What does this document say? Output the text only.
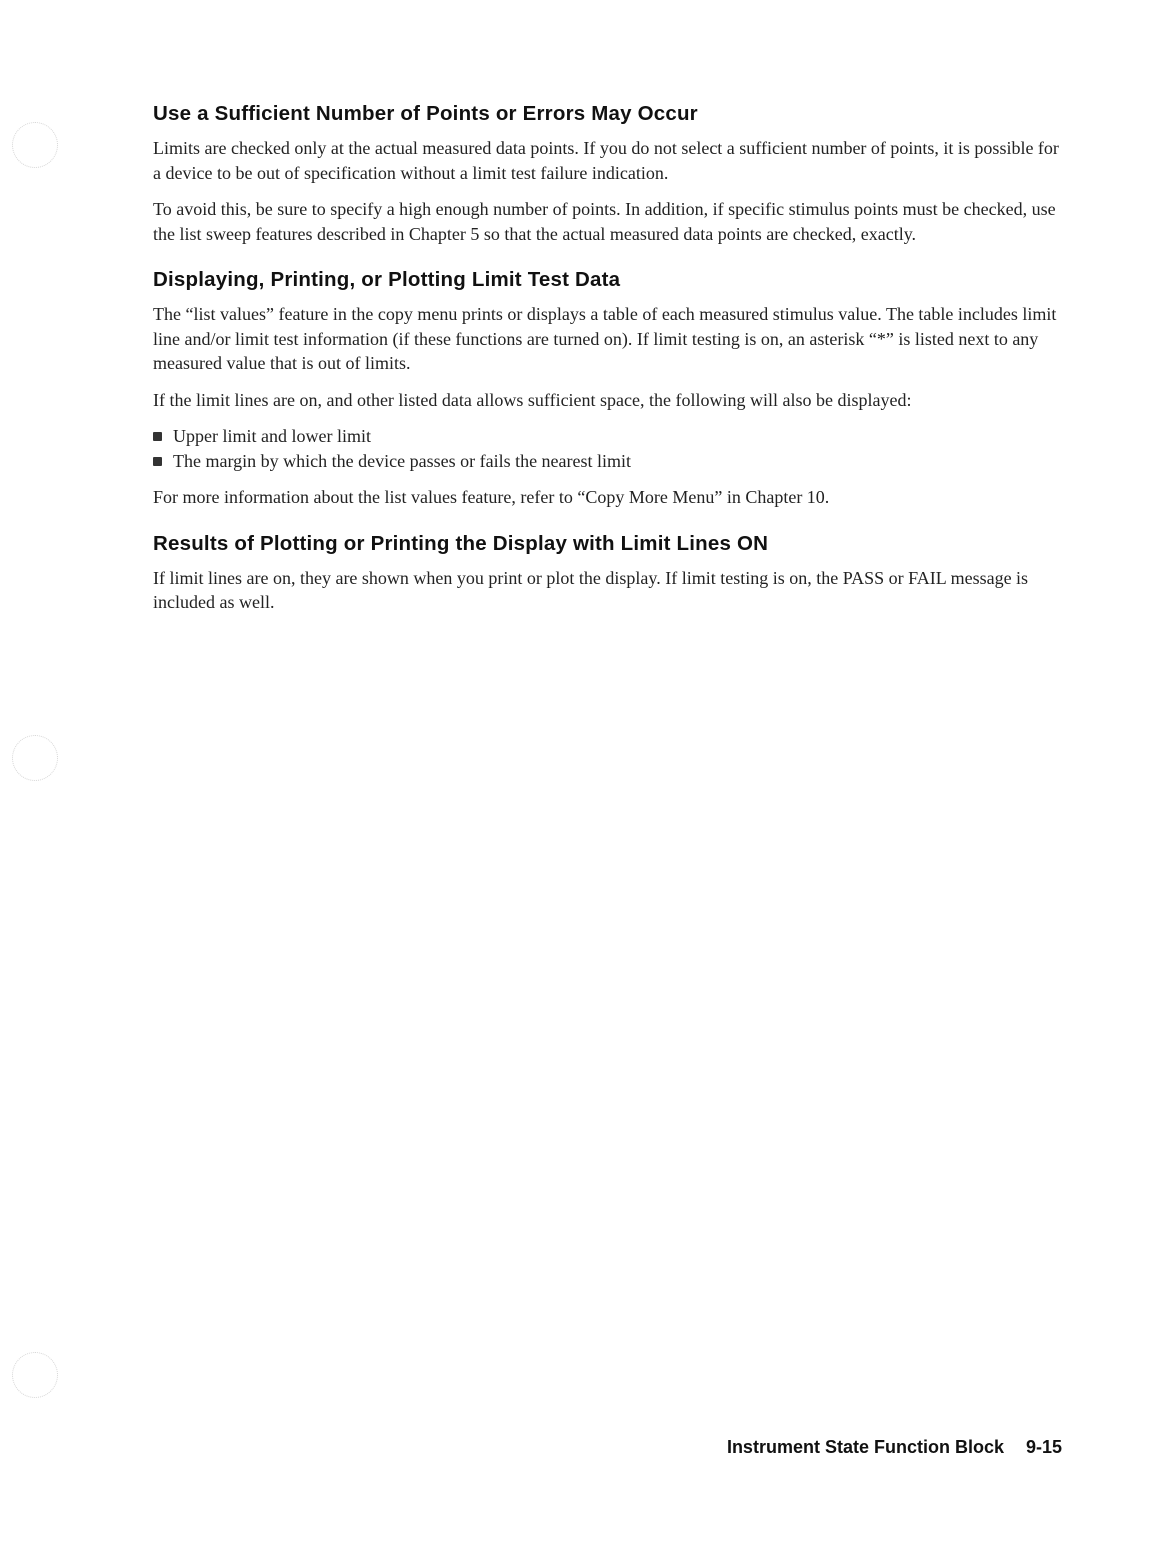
Use a Sufficient Number of Points or Errors May Occur

Limits are checked only at the actual measured data points. If you do not select a sufficient number of points, it is possible for a device to be out of specification without a limit test failure indication.

To avoid this, be sure to specify a high enough number of points. In addition, if specific stimulus points must be checked, use the list sweep features described in Chapter 5 so that the actual measured data points are checked, exactly.

Displaying, Printing, or Plotting Limit Test Data

The “list values” feature in the copy menu prints or displays a table of each measured stimulus value. The table includes limit line and/or limit test information (if these functions are turned on). If limit testing is on, an asterisk “*” is listed next to any measured value that is out of limits.

If the limit lines are on, and other listed data allows sufficient space, the following will also be displayed:

Upper limit and lower limit
The margin by which the device passes or fails the nearest limit

For more information about the list values feature, refer to “Copy More Menu” in Chapter 10.

Results of Plotting or Printing the Display with Limit Lines ON

If limit lines are on, they are shown when you print or plot the display. If limit testing is on, the PASS or FAIL message is included as well.

Instrument State Function Block 9-15
